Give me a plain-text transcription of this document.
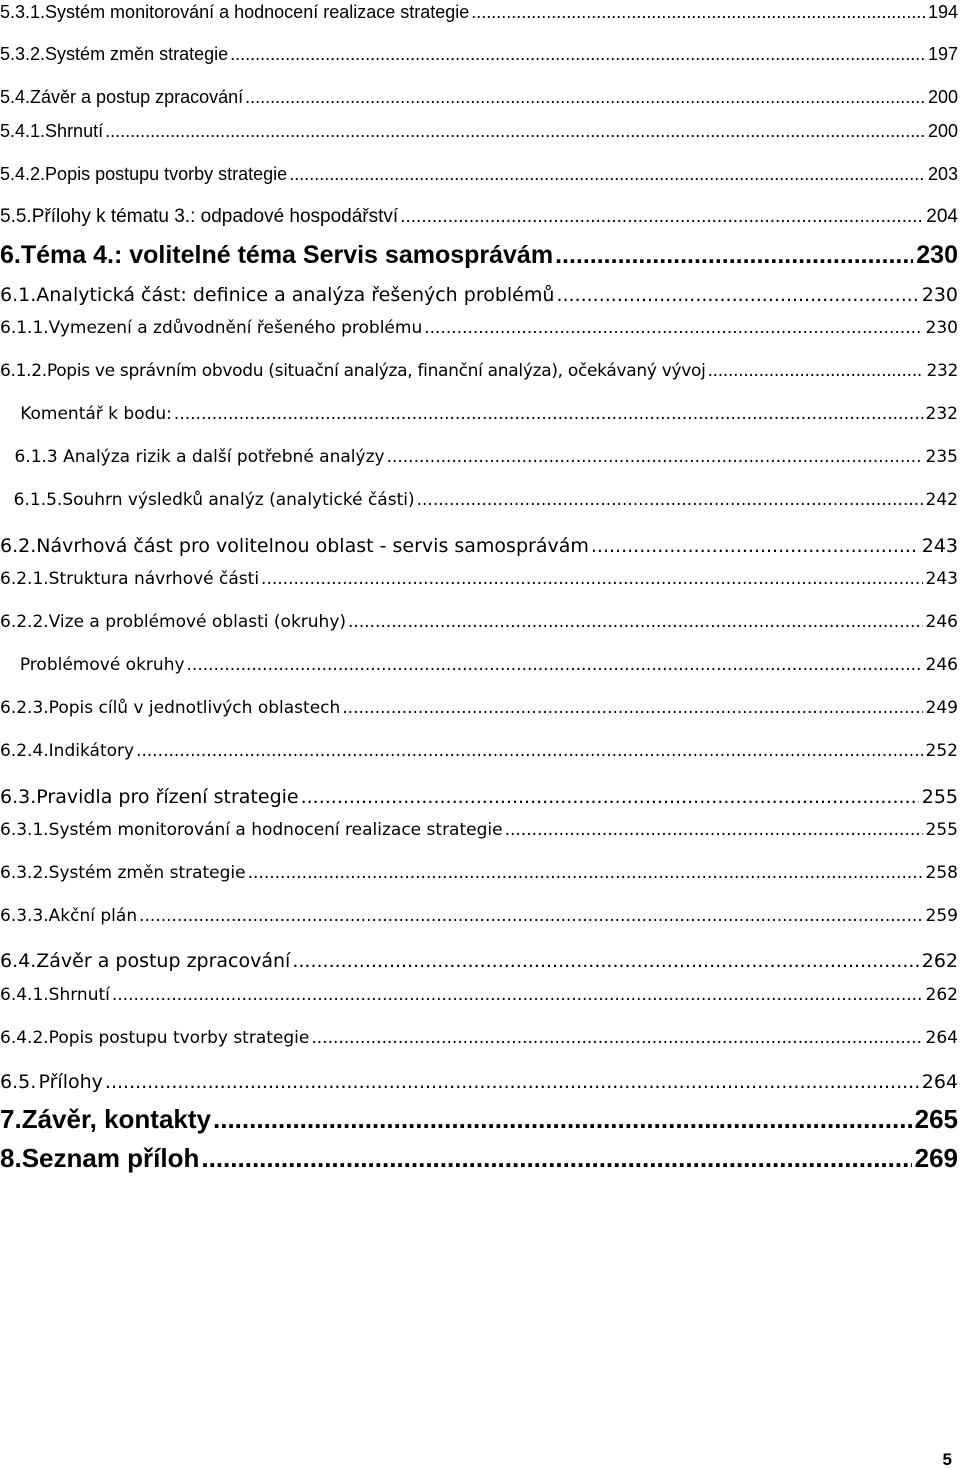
5.3.1. Systém monitorování a hodnocení realizace strategie .....	194
5.3.2. Systém změn strategie .....	197
5.4. Závěr a postup zpracování .....	200
5.4.1. Shrnutí .....	200
5.4.2. Popis postupu tvorby strategie .....	203
5.5. Přílohy k tématu 3.: odpadové hospodářství .....	204
6. Téma 4.: volitelné téma Servis samosprávám .....	230
6.1. Analytická část: definice a analýza řešených problémů .....	230
6.1.1. Vymezení a zdůvodnění řešeného problému .....	230
6.1.2. Popis ve správním obvodu (situační analýza, finanční analýza), očekávaný vývoj .....	232
Komentář k bodu: .....	232
6.1.3 Analýza rizik a další potřebné analýzy .....	235
6.1.5.Souhrn výsledků analýz (analytické části) .....	242
6.2. Návrhová část pro volitelnou oblast - servis samosprávám .....	243
6.2.1. Struktura návrhové části .....	243
6.2.2. Vize a problémové oblasti (okruhy) .....	246
Problémové okruhy .....	246
6.2.3. Popis cílů v jednotlivých oblastech .....	249
6.2.4. Indikátory .....	252
6.3. Pravidla pro řízení strategie .....	255
6.3.1. Systém monitorování a hodnocení realizace strategie .....	255
6.3.2. Systém změn strategie .....	258
6.3.3. Akční plán .....	259
6.4. Závěr a postup zpracování .....	262
6.4.1. Shrnutí .....	262
6.4.2. Popis postupu tvorby strategie .....	264
6.5. Přílohy .....	264
7. Závěr, kontakty .....	265
8. Seznam příloh .....	269
5
